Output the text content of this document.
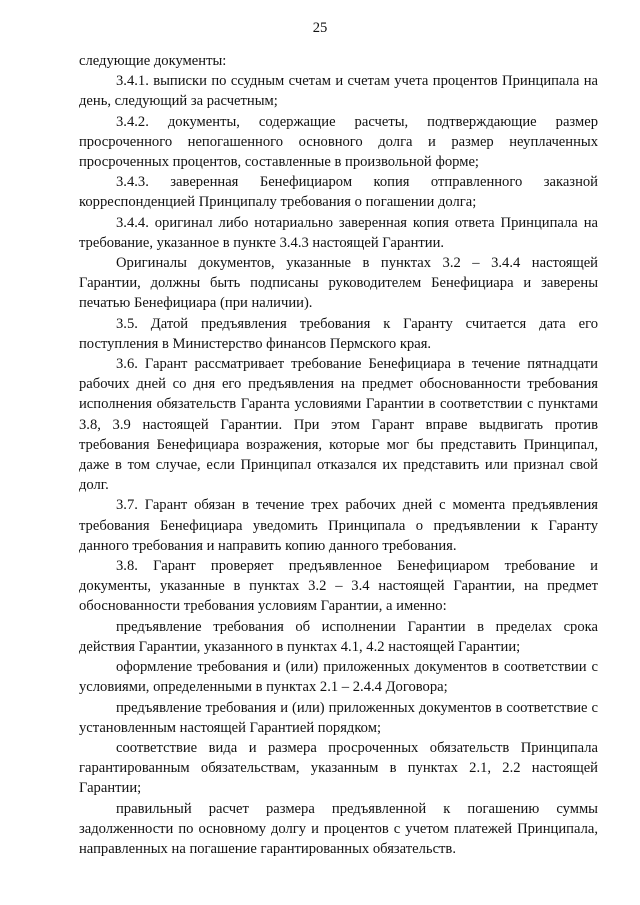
25

следующие документы:

3.4.1. выписки по ссудным счетам и счетам учета процентов Принципала на день, следующий за расчетным;

3.4.2. документы, содержащие расчеты, подтверждающие размер просроченного непогашенного основного долга и размер неуплаченных просроченных процентов, составленные в произвольной форме;

3.4.3. заверенная Бенефициаром копия отправленного заказной корреспонденцией Принципалу требования о погашении долга;

3.4.4. оригинал либо нотариально заверенная копия ответа Принципала на требование, указанное в пункте 3.4.3 настоящей Гарантии.

Оригиналы документов, указанные в пунктах 3.2 – 3.4.4 настоящей Гарантии, должны быть подписаны руководителем Бенефициара и заверены печатью Бенефициара (при наличии).

3.5. Датой предъявления требования к Гаранту считается дата его поступления в Министерство финансов Пермского края.

3.6. Гарант рассматривает требование Бенефициара в течение пятнадцати рабочих дней со дня его предъявления на предмет обоснованности требования исполнения обязательств Гаранта условиями Гарантии в соответствии с пунктами 3.8, 3.9 настоящей Гарантии. При этом Гарант вправе выдвигать против требования Бенефициара возражения, которые мог бы представить Принципал, даже в том случае, если Принципал отказался их представить или признал свой долг.

3.7. Гарант обязан в течение трех рабочих дней с момента предъявления требования Бенефициара уведомить Принципала о предъявлении к Гаранту данного требования и направить копию данного требования.

3.8. Гарант проверяет предъявленное Бенефициаром требование и документы, указанные в пунктах 3.2 – 3.4 настоящей Гарантии, на предмет обоснованности требования условиям Гарантии, а именно:

предъявление требования об исполнении Гарантии в пределах срока действия Гарантии, указанного в пунктах 4.1, 4.2 настоящей Гарантии;

оформление требования и (или) приложенных документов в соответствии с условиями, определенными в пунктах 2.1 – 2.4.4 Договора;

предъявление требования и (или) приложенных документов в соответствие с установленным настоящей Гарантией порядком;

соответствие вида и размера просроченных обязательств Принципала гарантированным обязательствам, указанным в пунктах 2.1, 2.2 настоящей Гарантии;

правильный расчет размера предъявленной к погашению суммы задолженности по основному долгу и процентов с учетом платежей Принципала, направленных на погашение гарантированных обязательств.
